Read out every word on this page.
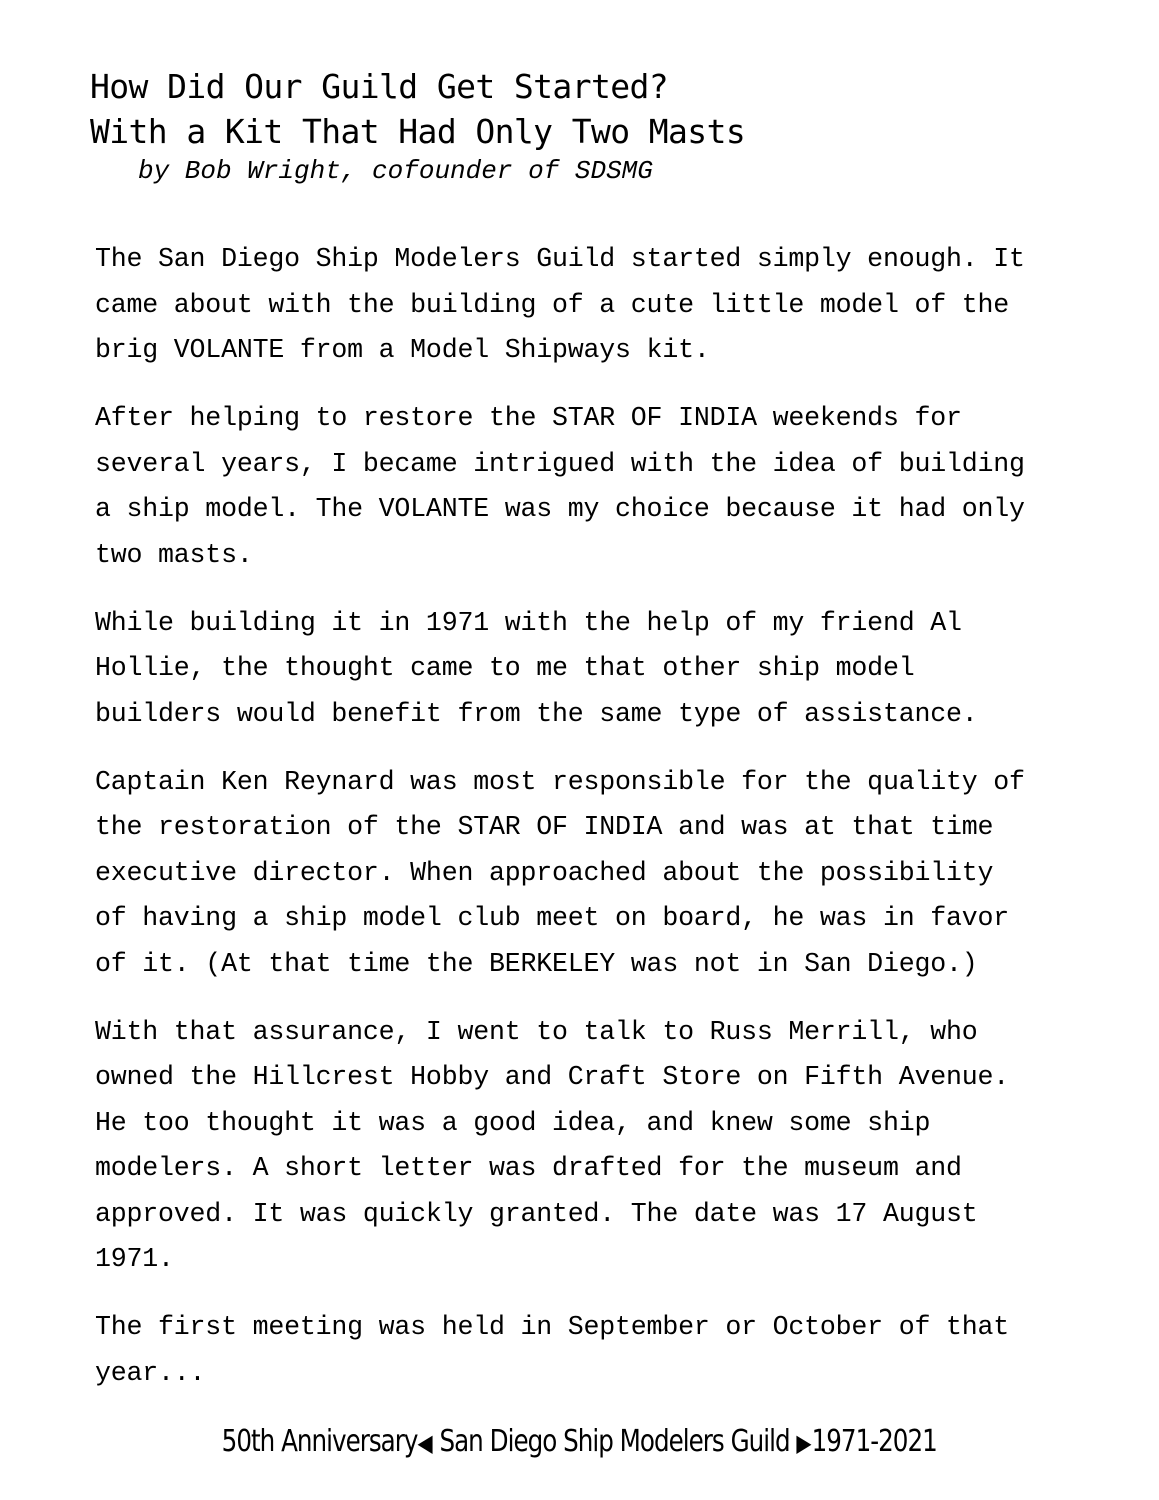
How Did Our Guild Get Started?
With a Kit That Had Only Two Masts

by Bob Wright, cofounder of SDSMG

The San Diego Ship Modelers Guild started simply enough. It
came about with the building of a cute little model of the
brig VOLANTE from a Model Shipways kit.

After helping to restore the STAR OF INDIA weekends for
several years, I became intrigued with the idea of building
a ship model. The VOLANTE was my choice because it had only
two masts.

While building it in 1971 with the help of my friend Al
Hollie, the thought came to me that other ship model
builders would benefit from the same type of assistance.

Captain Ken Reynard was most responsible for the quality of
the restoration of the STAR OF INDIA and was at that time
executive director. When approached about the possibility
of having a ship model club meet on board, he was in favor
of it. (At that time the BERKELEY was not in San Diego.)

With that assurance, I went to talk to Russ Merrill, who
owned the Hillcrest Hobby and Craft Store on Fifth Avenue.
He too thought it was a good idea, and knew some ship
modelers. A short letter was drafted for the museum and
approved. It was quickly granted. The date was 17 August
1971.

The first meeting was held in September or October of that
year...

50th Anniversary◀ San Diego Ship Modelers Guild ▶1971-2021
